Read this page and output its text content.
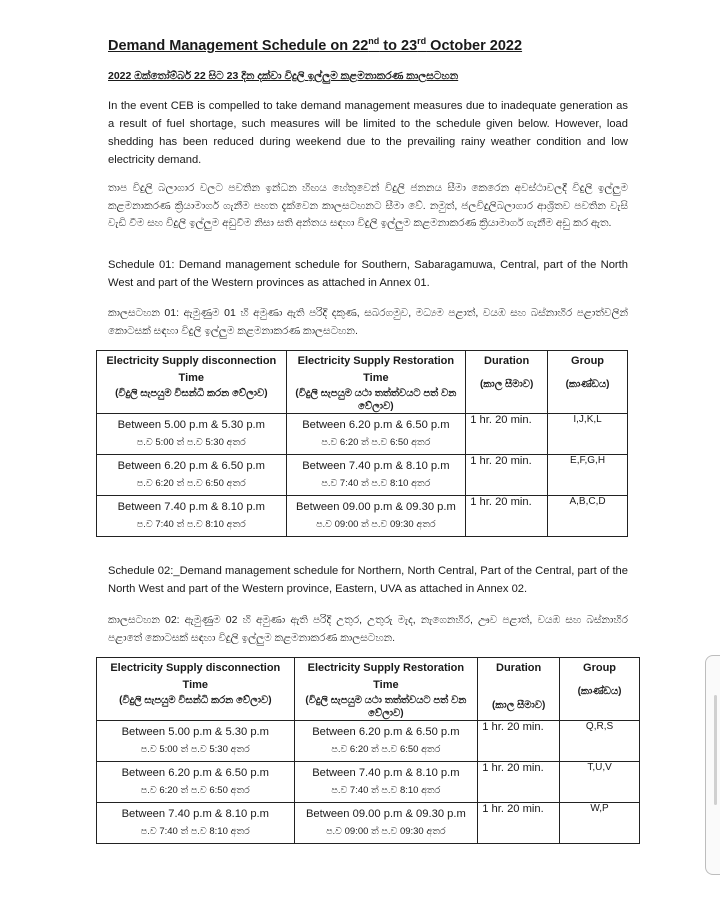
Demand Management Schedule on 22nd to 23rd October 2022
2022 ඔක්තෝම්බර් 22 සිට 23 දින දක්වා විදුලි ඉල්ලුම කළමනාකරණ කාලසටහන
In the event CEB is compelled to take demand management measures due to inadequate generation as a result of fuel shortage, such measures will be limited to the schedule given below. However, load shedding has been reduced during weekend due to the prevailing rainy weather condition and low electricity demand.
තාප විදුලි බලාගාර වලට පවතින ඉන්ධන හිඟය හේතුවෙන් විදුලි ජනනය සීමා කෙරෙන අවස්ථාවලදී විදුලි ඉල්ලුම කළමනාකරණ ක්‍රියාමාර්ග ගැනීම පහත දැක්වෙන කාලසටහනට සීමා වේ. නමුත්, ජලවිදුලිබලාගාර ආශ්‍රිතව පවතින වැසි වැඩි වීම සහ විදුලි ඉල්ලුම අඩුවීම නිසා සති අන්තය සඳහා විදුලි ඉල්ලුම කළමනාකරණ ක්‍රියාමාර්ග ගැනීම අඩු කර ඇත.
Schedule 01: Demand management schedule for Southern, Sabaragamuwa, Central, part of the North West and part of the Western provinces as attached in Annex 01.
කාලසටහන 01: ඇමුණුම 01 හි අමුණා ඇති පරිදි දකුණ, සබරගමුව, මධ්‍යම පළාත්, වයඹ සහ බස්නාහිර පළාත්වලින් කොටසක් සඳහා විදුලි ඉල්ලුම කළමනාකරණ කාලසටහන.
Electricity Supply disconnection Time
(විදුලි සැපයුම විසන්ධි කරන වේලාව)	Electricity Supply Restoration Time
(විදුලි සැපයුම යථා තත්ත්වයට පත් වන වේලාව)	Duration
(කාල සීමාව)	Group
(කාණ්ඩය)

Between 5.00 p.m & 5.30 p.m
ප.ව 5:00 ත් ප.ව 5:30 අතර	Between 6.20 p.m & 6.50 p.m
ප.ව 6:20 ත් ප.ව 6:50 අතර	1 hr. 20 min.	I,J,K,L

Between 6.20 p.m & 6.50 p.m
ප.ව 6:20 ත් ප.ව 6:50 අතර	Between 7.40 p.m & 8.10 p.m
ප.ව 7:40 ත් ප.ව 8:10 අතර	1 hr. 20 min.	E,F,G,H

Between 7.40 p.m & 8.10 p.m
ප.ව 7:40 ත් ප.ව 8:10 අතර	Between 09.00 p.m & 09.30 p.m
ප.ව 09:00 ත් ප.ව 09:30 අතර	1 hr. 20 min.	A,B,C,D
Schedule 02:_Demand management schedule for Northern, North Central, Part of the Central, part of the North West and part of the Western province, Eastern, UVA as attached in Annex 02.
කාලසටහන 02: ඇමුණුම 02 හි අමුණා ඇති පරිදි උතුර, උතුරු මැද, නැගෙනහිර, ඌව පළාත්, වයඹ සහ බස්නාහිර පළාතේ කොටසක් සඳහා විදුලි ඉල්ලුම කළමනාකරණ කාලසටහන.
Electricity Supply disconnection Time
(විදුලි සැපයුම විසන්ධි කරන වේලාව)	Electricity Supply Restoration Time
(විදුලි සැපයුම යථා තත්ත්වයට පත් වන වේලාව)	Duration
(කාල සීමාව)	Group
(කාණ්ඩය)

Between 5.00 p.m & 5.30 p.m
ප.ව 5:00 ත් ප.ව 5:30 අතර	Between 6.20 p.m & 6.50 p.m
ප.ව 6:20 ත් ප.ව 6:50 අතර	1 hr. 20 min.	Q,R,S

Between 6.20 p.m & 6.50 p.m
ප.ව 6:20 ත් ප.ව 6:50 අතර	Between 7.40 p.m & 8.10 p.m
ප.ව 7:40 ත් ප.ව 8:10 අතර	1 hr. 20 min.	T,U,V

Between 7.40 p.m & 8.10 p.m
ප.ව 7:40 ත් ප.ව 8:10 අතර	Between 09.00 p.m & 09.30 p.m
ප.ව 09:00 ත් ප.ව 09:30 අතර	1 hr. 20 min.	W,P
